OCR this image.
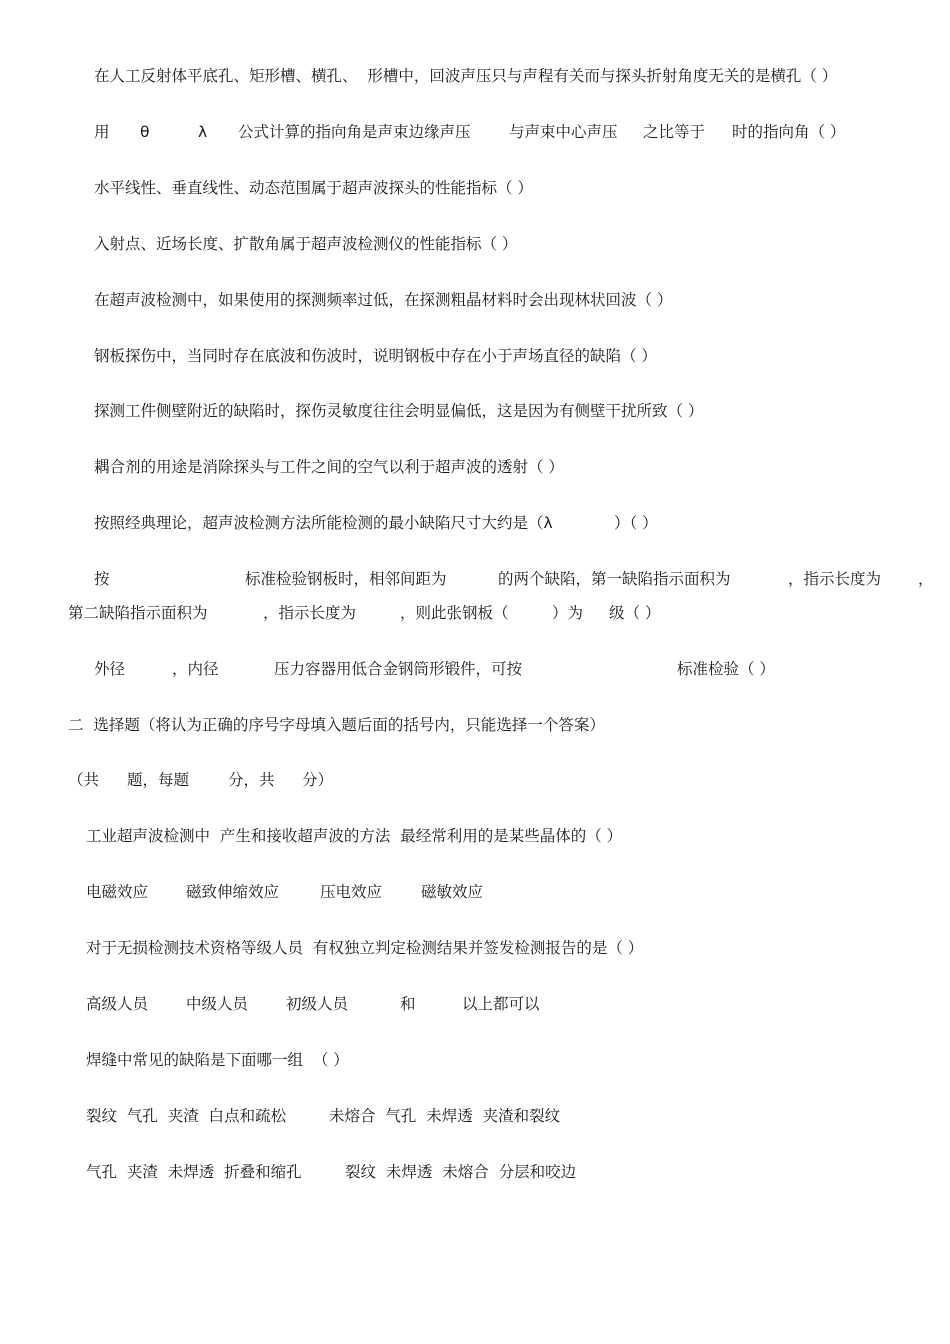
在人工反射体平底孔、矩形槽、横孔、  形槽中，回波声压只与声程有关而与探头折射角度无关的是横孔（ ）
用 θ	λ 公式计算的指向角是声束边缘声压 与声束中心声压 之比等于 时的指向角（ ）
水平线性、垂直线性、动态范围属于超声波探头的性能指标（ ）
入射点、近场长度、扩散角属于超声波检测仪的性能指标（ ）
在超声波检测中，如果使用的探测频率过低，在探测粗晶材料时会出现林状回波（ ）
钢板探伤中，当同时存在底波和伤波时，说明钢板中存在小于声场直径的缺陷（ ）
探测工件侧壁附近的缺陷时，探伤灵敏度往往会明显偏低，这是因为有侧壁干扰所致（ ）
耦合剂的用途是消除探头与工件之间的空气以利于超声波的透射（ ）
按照经典理论，超声波检测方法所能检测的最小缺陷尺寸大约是（λ	）（ ）
按	标准检验钢板时，相邻间距为	的两个缺陷，第一缺陷指示面积为	，指示长度为 ，
第二缺陷指示面积为	，指示长度为	，则此张钢板（	）为 级（ ）
外径	，内径	压力容器用低合金钢筒形锻件，可按	标准检验（ ）
二  选择题（将认为正确的序号字母填入题后面的括号内，只能选择一个答案）
（共 题，每题	分，共 分）
工业超声波检测中  产生和接收超声波的方法  最经常利用的是某些晶体的（ ）
电磁效应 磁致伸缩效应	压电效应	磁敏效应
对于无损检测技术资格等级人员  有权独立判定检测结果并签发检测报告的是（ ）
高级人员 中级人员 初级人员	和	以上都可以
焊缝中常见的缺陷是下面哪一组  （ ）
裂纹  气孔  夹渣  白点和疏松	未熔合  气孔  未焊透  夹渣和裂纹
气孔  夹渣  未焊透  折叠和缩孔	裂纹  未焊透  未熔合  分层和咬边
